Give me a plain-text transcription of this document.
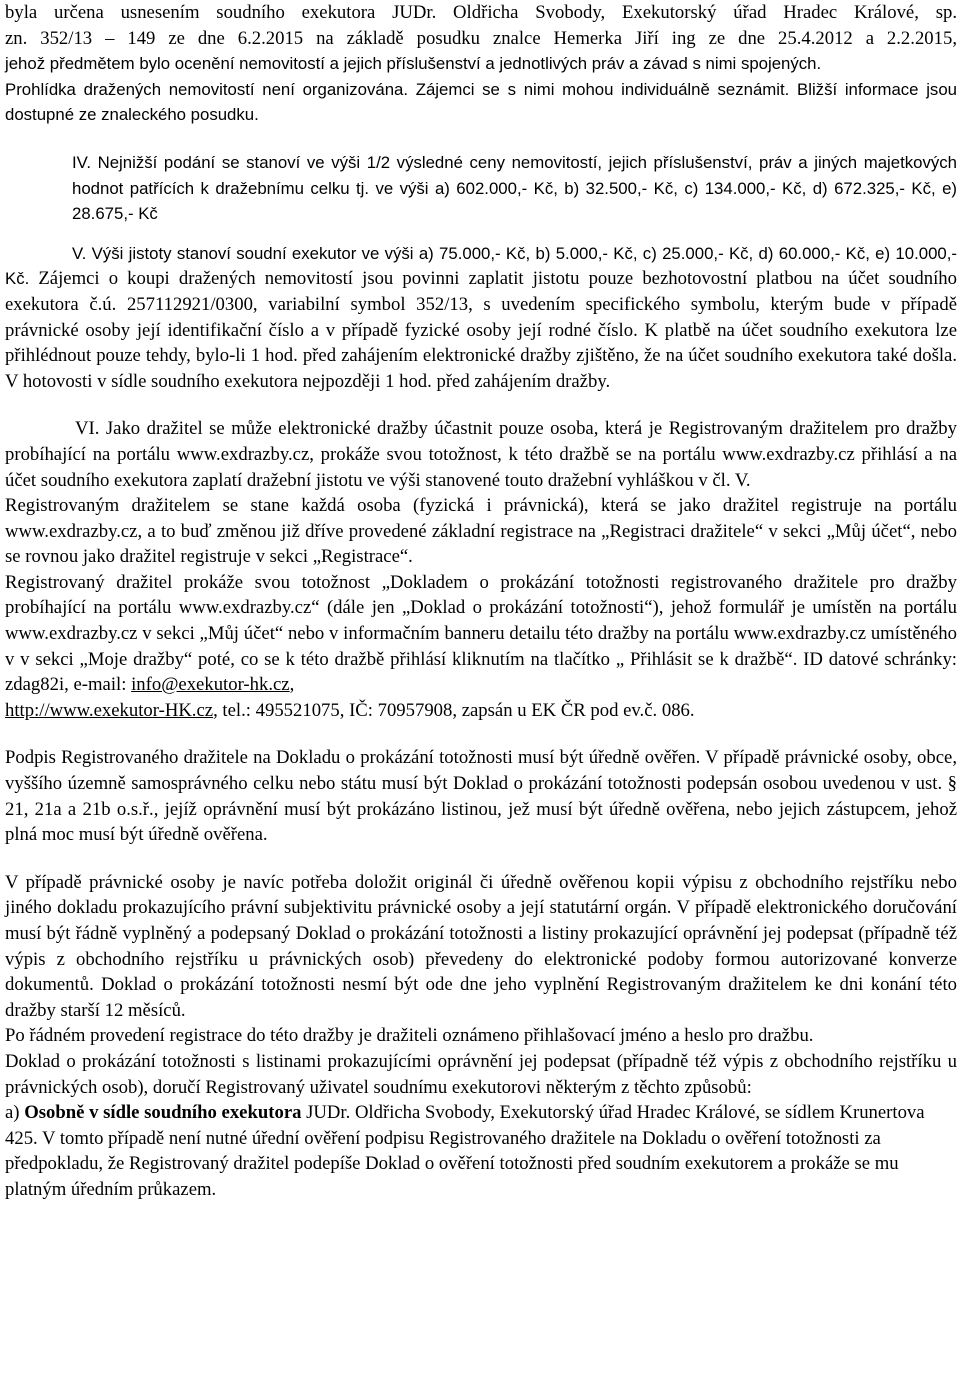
byla určena usnesením soudního exekutora JUDr. Oldřicha Svobody, Exekutorský úřad Hradec Králové, sp.

zn. 352/13 – 149 ze dne 6.2.2015 na základě posudku znalce Hemerka Jiří ing ze dne 25.4.2012 a 2.2.2015,

jehož předmětem bylo ocenění nemovitostí a jejich příslušenství a jednotlivých práv a závad s nimi spojených.

Prohlídka dražených nemovitostí není organizována. Zájemci se s nimi mohou individuálně seznámit. Bližší informace jsou dostupné ze znaleckého posudku.

IV. Nejnižší podání se stanoví ve výši 1/2 výsledné ceny nemovitostí, jejich příslušenství, práv a jiných majetkových hodnot patřících k dražebnímu celku tj. ve výši a) 602.000,- Kč, b) 32.500,- Kč, c) 134.000,- Kč, d) 672.325,- Kč, e) 28.675,- Kč

V. Výši jistoty stanoví soudní exekutor ve výši a) 75.000,- Kč, b) 5.000,- Kč, c) 25.000,- Kč, d) 60.000,- Kč, e) 10.000,- Kč. Zájemci o koupi dražených nemovitostí jsou povinni zaplatit jistotu pouze bezhotovostní platbou na účet soudního exekutora č.ú. 257112921/0300, variabilní symbol 352/13, s uvedením specifického symbolu, kterým bude v případě právnické osoby její identifikační číslo a v případě fyzické osoby její rodné číslo. K platbě na účet soudního exekutora lze přihlédnout pouze tehdy, bylo-li 1 hod. před zahájením elektronické dražby zjištěno, že na účet soudního exekutora také došla. V hotovosti v sídle soudního exekutora nejpozději 1 hod. před zahájením dražby.

VI. Jako dražitel se může elektronické dražby účastnit pouze osoba, která je Registrovaným dražitelem pro dražby probíhající na portálu www.exdrazby.cz, prokáže svou totožnost, k této dražbě se na portálu www.exdrazby.cz přihlásí a na účet soudního exekutora zaplatí dražební jistotu ve výši stanovené touto dražební vyhláškou v čl. V.

Registrovaným dražitelem se stane každá osoba (fyzická i právnická), která se jako dražitel registruje na portálu www.exdrazby.cz, a to buď změnou již dříve provedené základní registrace na „Registraci dražitele“ v sekci „Můj účet“, nebo se rovnou jako dražitel registruje v sekci „Registrace“.

Registrovaný dražitel prokáže svou totožnost „Dokladem o prokázání totožnosti registrovaného dražitele pro dražby probíhající na portálu www.exdrazby.cz“ (dále jen „Doklad o prokázání totožnosti“), jehož formulář je umístěn na portálu www.exdrazby.cz v sekci „Můj účet“ nebo v informačním banneru detailu této dražby na portálu www.exdrazby.cz umístěného v v sekci „Moje dražby“ poté, co se k této dražbě přihlásí kliknutím na tlačítko „ Přihlásit se k dražbě“. ID datové schránky: zdag82i, e-mail: info@exekutor-hk.cz,
http://www.exekutor-HK.cz, tel.: 495521075, IČ: 70957908, zapsán u EK ČR pod ev.č. 086.

Podpis Registrovaného dražitele na Dokladu o prokázání totožnosti musí být úředně ověřen. V případě právnické osoby, obce, vyššího územně samosprávného celku nebo státu musí být Doklad o prokázání totožnosti podepsán osobou uvedenou v ust. § 21, 21a a 21b o.s.ř., jejíž oprávnění musí být prokázáno listinou, jež musí být úředně ověřena, nebo jejich zástupcem, jehož plná moc musí být úředně ověřena.

V případě právnické osoby je navíc potřeba doložit originál či úředně ověřenou kopii výpisu z obchodního rejstříku nebo jiného dokladu prokazujícího právní subjektivitu právnické osoby a její statutární orgán. V případě elektronického doručování musí být řádně vyplněný a podepsaný Doklad o prokázání totožnosti a listiny prokazující oprávnění jej podepsat (případně též výpis z obchodního rejstříku u právnických osob) převedeny do elektronické podoby formou autorizované konverze dokumentů. Doklad o prokázání totožnosti nesmí být ode dne jeho vyplnění Registrovaným dražitelem ke dni konání této dražby starší 12 měsíců.

Po řádném provedení registrace do této dražby je dražiteli oznámeno přihlašovací jméno a heslo pro dražbu.

Doklad o prokázání totožnosti s listinami prokazujícími oprávnění jej podepsat (případně též výpis z obchodního rejstříku u právnických osob), doručí Registrovaný uživatel soudnímu exekutorovi některým z těchto způsobů:

a) Osobně v sídle soudního exekutora JUDr. Oldřicha Svobody, Exekutorský úřad Hradec Králové, se sídlem Krunertova 425. V tomto případě není nutné úřední ověření podpisu Registrovaného dražitele na Dokladu o ověření totožnosti za předpokladu, že Registrovaný dražitel podepíše Doklad o ověření totožnosti před soudním exekutorem a prokáže se mu platným úředním průkazem.
